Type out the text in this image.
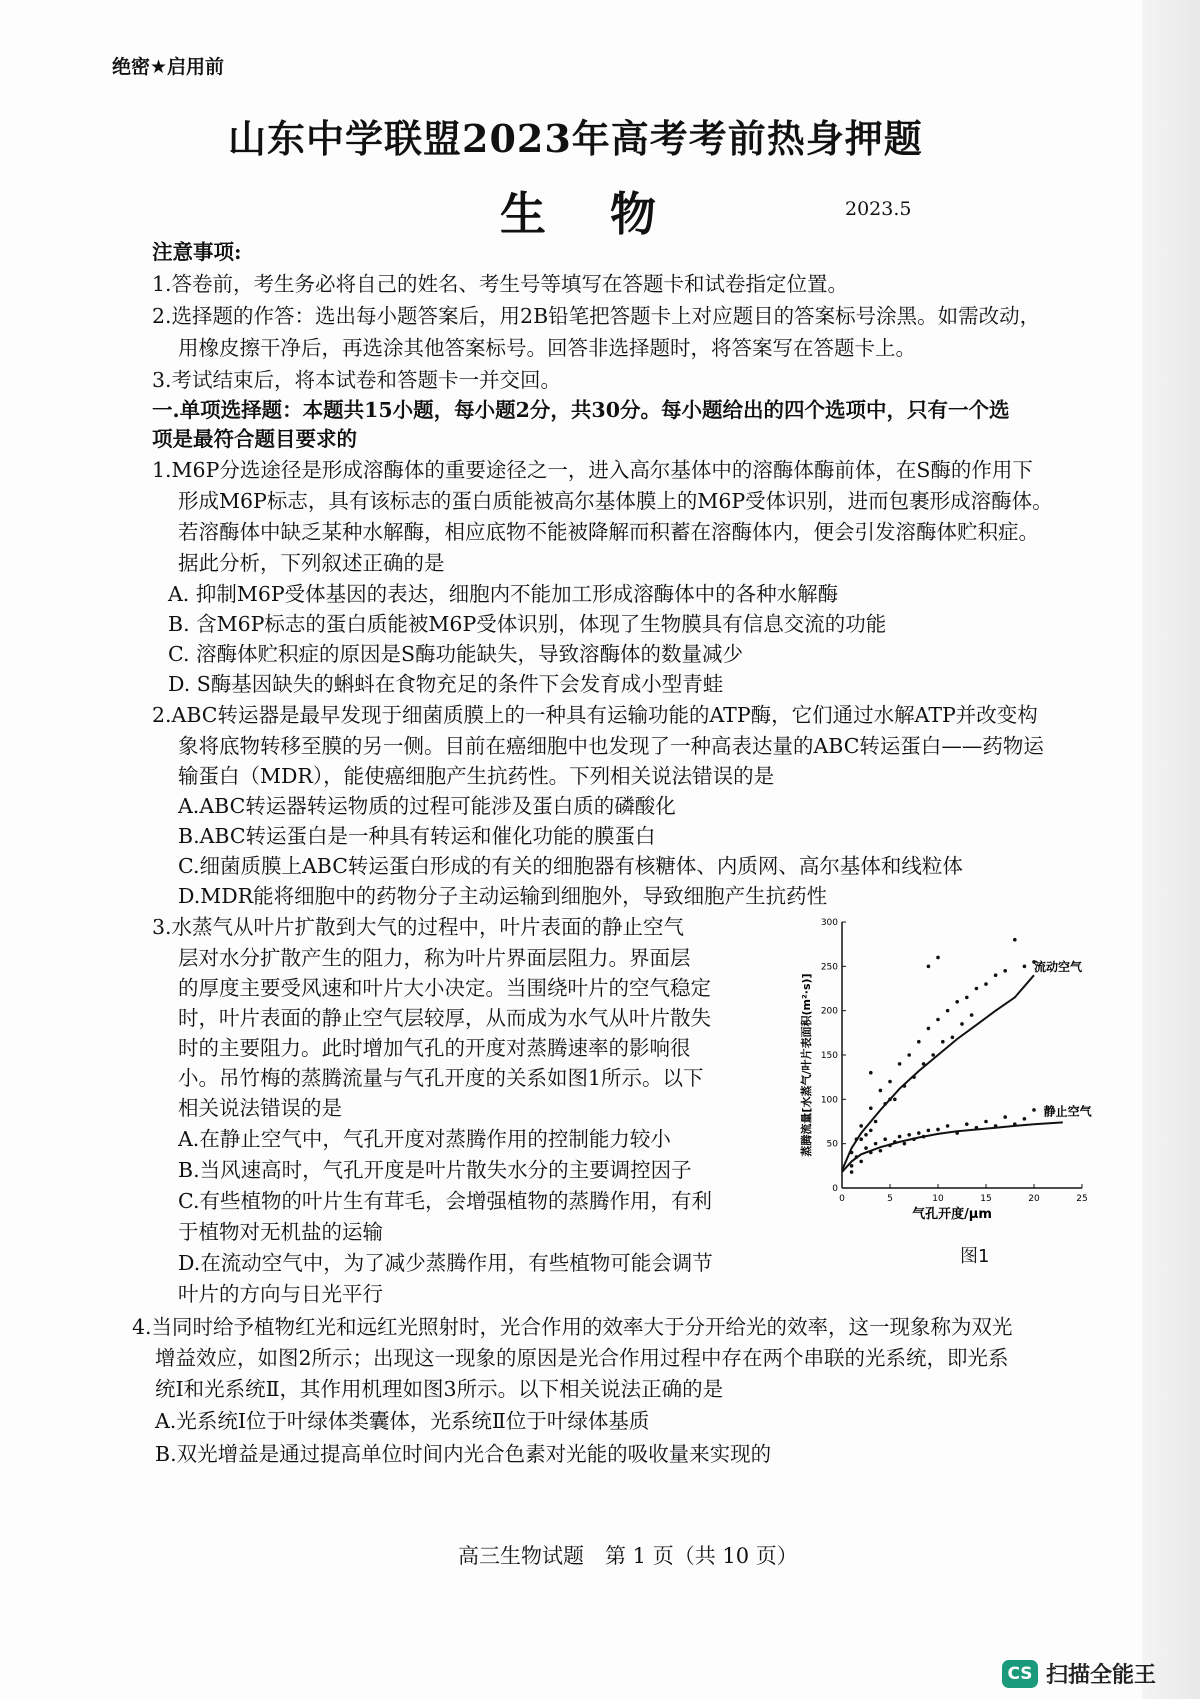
绝密★启用前
山东中学联盟2023年高考考前热身押题
生 物	2023.5
注意事项:
1.答卷前，考生务必将自己的姓名、考生号等填写在答题卡和试卷指定位置。
2.选择题的作答：选出每小题答案后，用2B铅笔把答题卡上对应题目的答案标号涂黑。如需改动，
用橡皮擦干净后，再选涂其他答案标号。回答非选择题时，将答案写在答题卡上。
3.考试结束后，将本试卷和答题卡一并交回。
一.单项选择题：本题共15小题，每小题2分，共30分。每小题给出的四个选项中，只有一个选
项是最符合题目要求的
1.M6P分选途径是形成溶酶体的重要途径之一，进入高尔基体中的溶酶体酶前体，在S酶的作用下
形成M6P标志，具有该标志的蛋白质能被高尔基体膜上的M6P受体识别，进而包裹形成溶酶体。
若溶酶体中缺乏某种水解酶，相应底物不能被降解而积蓄在溶酶体内，便会引发溶酶体贮积症。
据此分析，下列叙述正确的是
A. 抑制M6P受体基因的表达，细胞内不能加工形成溶酶体中的各种水解酶
B. 含M6P标志的蛋白质能被M6P受体识别，体现了生物膜具有信息交流的功能
C. 溶酶体贮积症的原因是S酶功能缺失，导致溶酶体的数量减少
D. S酶基因缺失的蝌蚪在食物充足的条件下会发育成小型青蛙
2.ABC转运器是最早发现于细菌质膜上的一种具有运输功能的ATP酶，它们通过水解ATP并改变构
象将底物转移至膜的另一侧。目前在癌细胞中也发现了一种高表达量的ABC转运蛋白——药物运
输蛋白（MDR），能使癌细胞产生抗药性。下列相关说法错误的是
A.ABC转运器转运物质的过程可能涉及蛋白质的磷酸化
B.ABC转运蛋白是一种具有转运和催化功能的膜蛋白
C.细菌质膜上ABC转运蛋白形成的有关的细胞器有核糖体、内质网、高尔基体和线粒体
D.MDR能将细胞中的药物分子主动运输到细胞外，导致细胞产生抗药性
3.水蒸气从叶片扩散到大气的过程中，叶片表面的静止空气
层对水分扩散产生的阻力，称为叶片界面层阻力。界面层
的厚度主要受风速和叶片大小决定。当围绕叶片的空气稳定
时，叶片表面的静止空气层较厚，从而成为水气从叶片散失
时的主要阻力。此时增加气孔的开度对蒸腾速率的影响很
小。吊竹梅的蒸腾流量与气孔开度的关系如图1所示。以下
相关说法错误的是
A.在静止空气中，气孔开度对蒸腾作用的控制能力较小
B.当风速高时，气孔开度是叶片散失水分的主要调控因子
C.有些植物的叶片生有茸毛，会增强植物的蒸腾作用，有利
于植物对无机盐的运输
D.在流动空气中，为了减少蒸腾作用，有些植物可能会调节
叶片的方向与日光平行
0	5	10	15	20	25
0
50
100
150
200
250
300
气孔开度/μm
蒸腾流量[水蒸气/叶片表面积(m²·s)]
流动空气
静止空气
图1
4.当同时给予植物红光和远红光照射时，光合作用的效率大于分开给光的效率，这一现象称为双光
增益效应，如图2所示；出现这一现象的原因是光合作用过程中存在两个串联的光系统，即光系
统Ⅰ和光系统Ⅱ，其作用机理如图3所示。以下相关说法正确的是
A.光系统Ⅰ位于叶绿体类囊体，光系统Ⅱ位于叶绿体基质
B.双光增益是通过提高单位时间内光合色素对光能的吸收量来实现的
高三生物试题　第 1 页（共 10 页）
CS 扫描全能王
